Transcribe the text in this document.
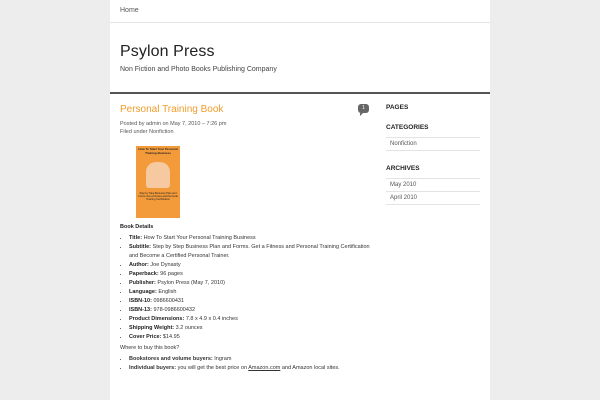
Home
Psylon Press
Non Fiction and Photo Books Publishing Company
Personal Training Book	1
Posted by admin on May 7, 2010 – 7:26 pm
Filed under Nonfiction
How To Start Your Personal Training Business
Step by Step Business Plan and Forms Get a Fitness and Personal Training Certification
Book Details
• Title: How To Start Your Personal Training Business
• Subtitle: Step by Step Business Plan and Forms. Get a Fitness and Personal Training Certification and Become a Certified Personal Trainer.
• Author: Joe Dynasty
• Paperback: 96 pages
• Publisher: Psylon Press (May 7, 2010)
• Language: English
• ISBN-10: 0986600431
• ISBN-13: 978-0986600432
• Product Dimensions: 7.8 x 4.9 x 0.4 inches
• Shipping Weight: 3.2 ounces
• Cover Price: $14.95
Where to buy this book?
• Bookstores and volume buyers: Ingram
• Individual buyers: you will get the best price on Amazon.com and Amazon local sites.
PAGES
CATEGORIES
Nonfiction
ARCHIVES
May 2010
April 2010
